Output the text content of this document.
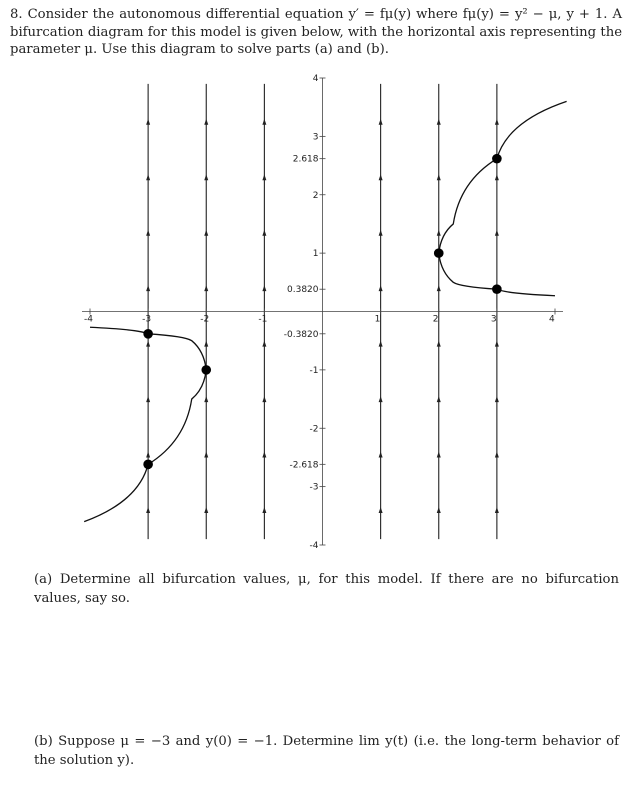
8. Consider the autonomous differential equation y′ = fμ(y) where fμ(y) = y² − μ, y + 1. A bifurcation diagram for this model is given below, with the horizontal axis representing the parameter μ. Use this diagram to solve parts (a) and (b).
-4	-3	-2	-1	1	2	3	4
4
3
2.618
2
1
0.3820
-0.3820
-1
-2
-2.618
-3
-4
(a) Determine all bifurcation values, μ, for this model. If there are no bifurcation values, say so.
(b) Suppose μ = −3 and y(0) = −1. Determine lim y(t) (i.e. the long-term behavior of the solution y).
